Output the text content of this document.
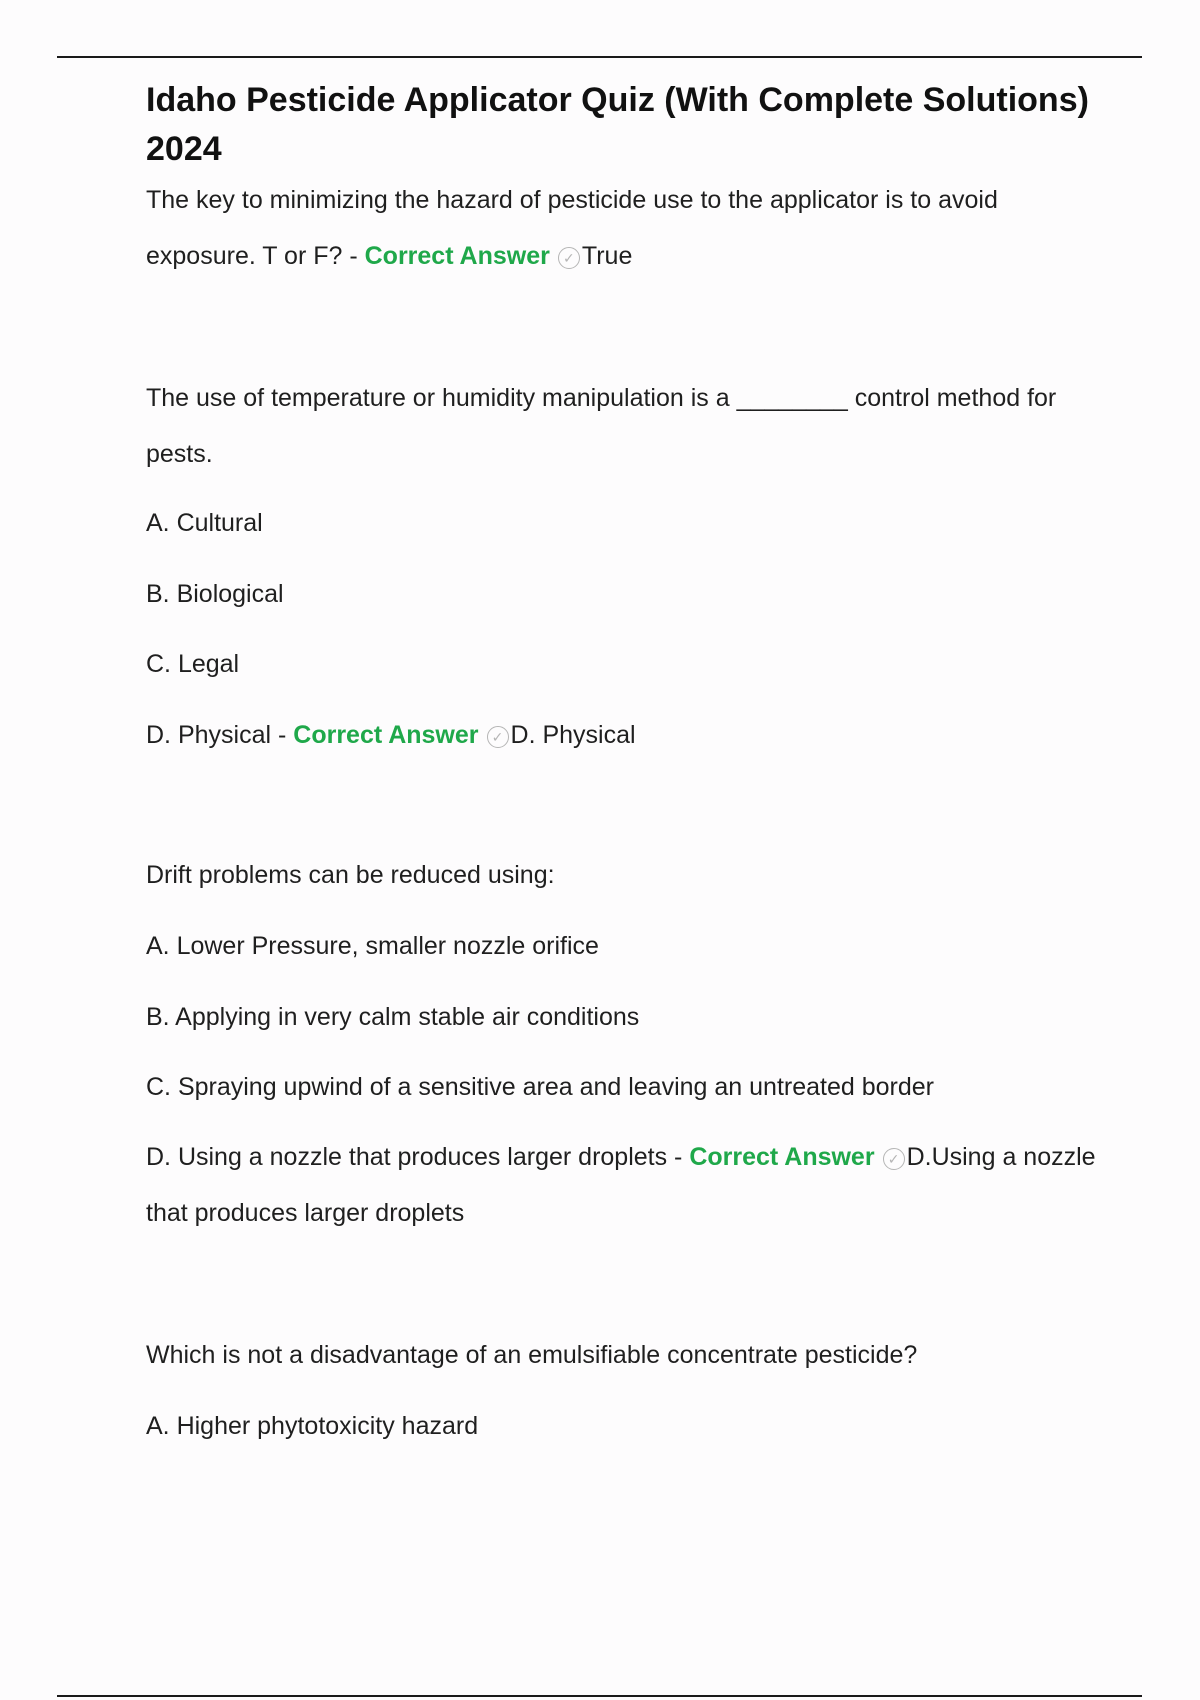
Idaho Pesticide Applicator Quiz (With Complete Solutions) 2024

The key to minimizing the hazard of pesticide use to the applicator is to avoid exposure. T or F? - Correct Answer ✓ True

The use of temperature or humidity manipulation is a ________ control method for pests.

A. Cultural

B. Biological

C. Legal

D. Physical - Correct Answer ✓ D. Physical

Drift problems can be reduced using:

A. Lower Pressure, smaller nozzle orifice

B. Applying in very calm stable air conditions

C. Spraying upwind of a sensitive area and leaving an untreated border

D. Using a nozzle that produces larger droplets - Correct Answer ✓ D.Using a nozzle that produces larger droplets

Which is not a disadvantage of an emulsifiable concentrate pesticide?

A. Higher phytotoxicity hazard
